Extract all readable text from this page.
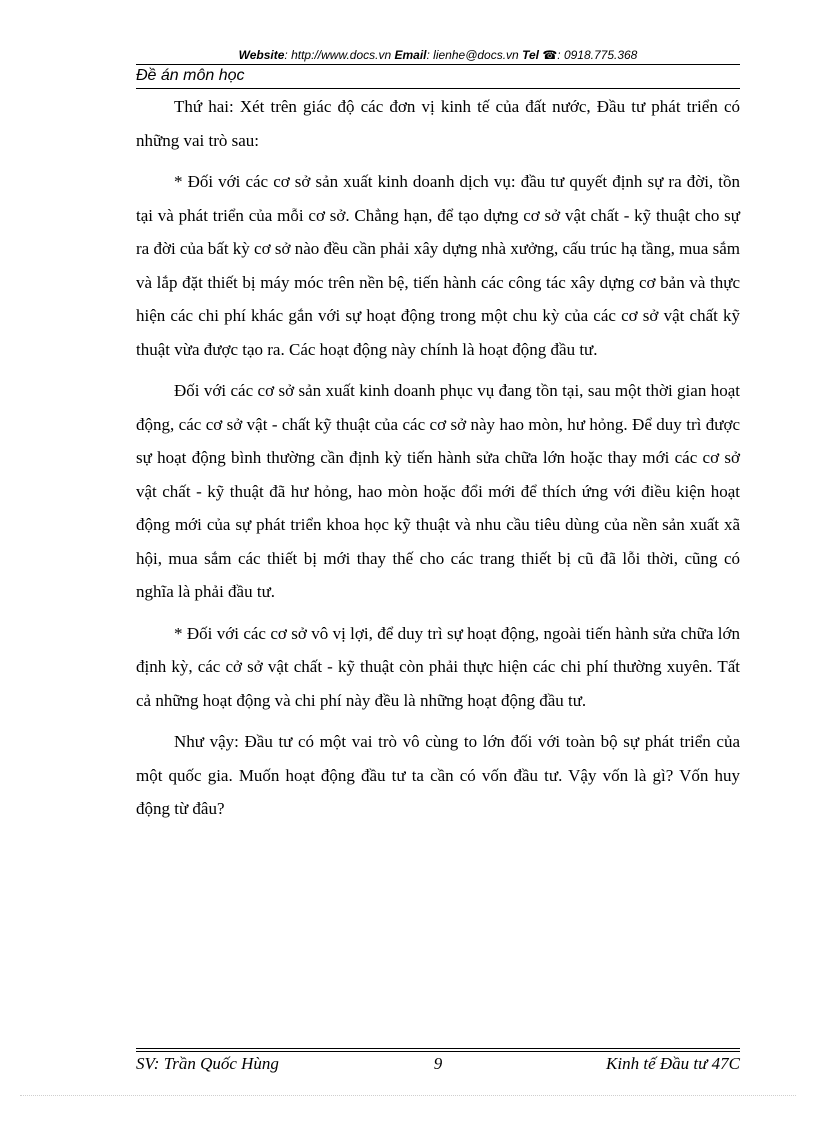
Website: http://www.docs.vn Email: lienhe@docs.vn Tel ☎: 0918.775.368
Đề án môn học

Thứ hai: Xét trên giác độ các đơn vị kinh tế của đất nước, Đầu tư phát triển có những vai trò sau:

* Đối với các cơ sở sản xuất kinh doanh dịch vụ: đầu tư quyết định sự ra đời, tồn tại và phát triển của mỗi cơ sở. Chẳng hạn, để tạo dựng cơ sở vật chất - kỹ thuật cho sự ra đời của bất kỳ cơ sở nào đều cần phải xây dựng nhà xưởng, cấu trúc hạ tầng, mua sắm và lắp đặt thiết bị máy móc trên nền bệ, tiến hành các công tác xây dựng cơ bản và thực hiện các chi phí khác gắn với sự hoạt động trong một chu kỳ của các cơ sở vật chất kỹ thuật vừa được tạo ra. Các hoạt động này chính là hoạt động đầu tư.

Đối với các cơ sở sản xuất kinh doanh phục vụ đang tồn tại, sau một thời gian hoạt động, các cơ sở vật - chất kỹ thuật của các cơ sở này hao mòn, hư hỏng. Để duy trì được sự hoạt động bình thường cần định kỳ tiến hành sửa chữa lớn hoặc thay mới các cơ sở vật chất - kỹ thuật đã hư hỏng, hao mòn hoặc đổi mới để thích ứng với điều kiện hoạt động mới của sự phát triển khoa học kỹ thuật và nhu cầu tiêu dùng của nền sản xuất xã hội, mua sắm các thiết bị mới thay thế cho các trang thiết bị cũ đã lỗi thời, cũng có nghĩa là phải đầu tư.

* Đối với các cơ sở vô vị lợi, để duy trì sự hoạt động, ngoài tiến hành sửa chữa lớn định kỳ, các cở sở vật chất - kỹ thuật còn phải thực hiện các chi phí thường xuyên. Tất cả những hoạt động và chi phí này đều là những hoạt động đầu tư.

Như vậy: Đầu tư có một vai trò vô cùng to lớn đối với toàn bộ sự phát triển của một quốc gia. Muốn hoạt động đầu tư ta cần có vốn đầu tư. Vậy vốn là gì? Vốn huy động từ đâu?

SV: Trần Quốc Hùng	9	Kinh tế Đầu tư 47C
